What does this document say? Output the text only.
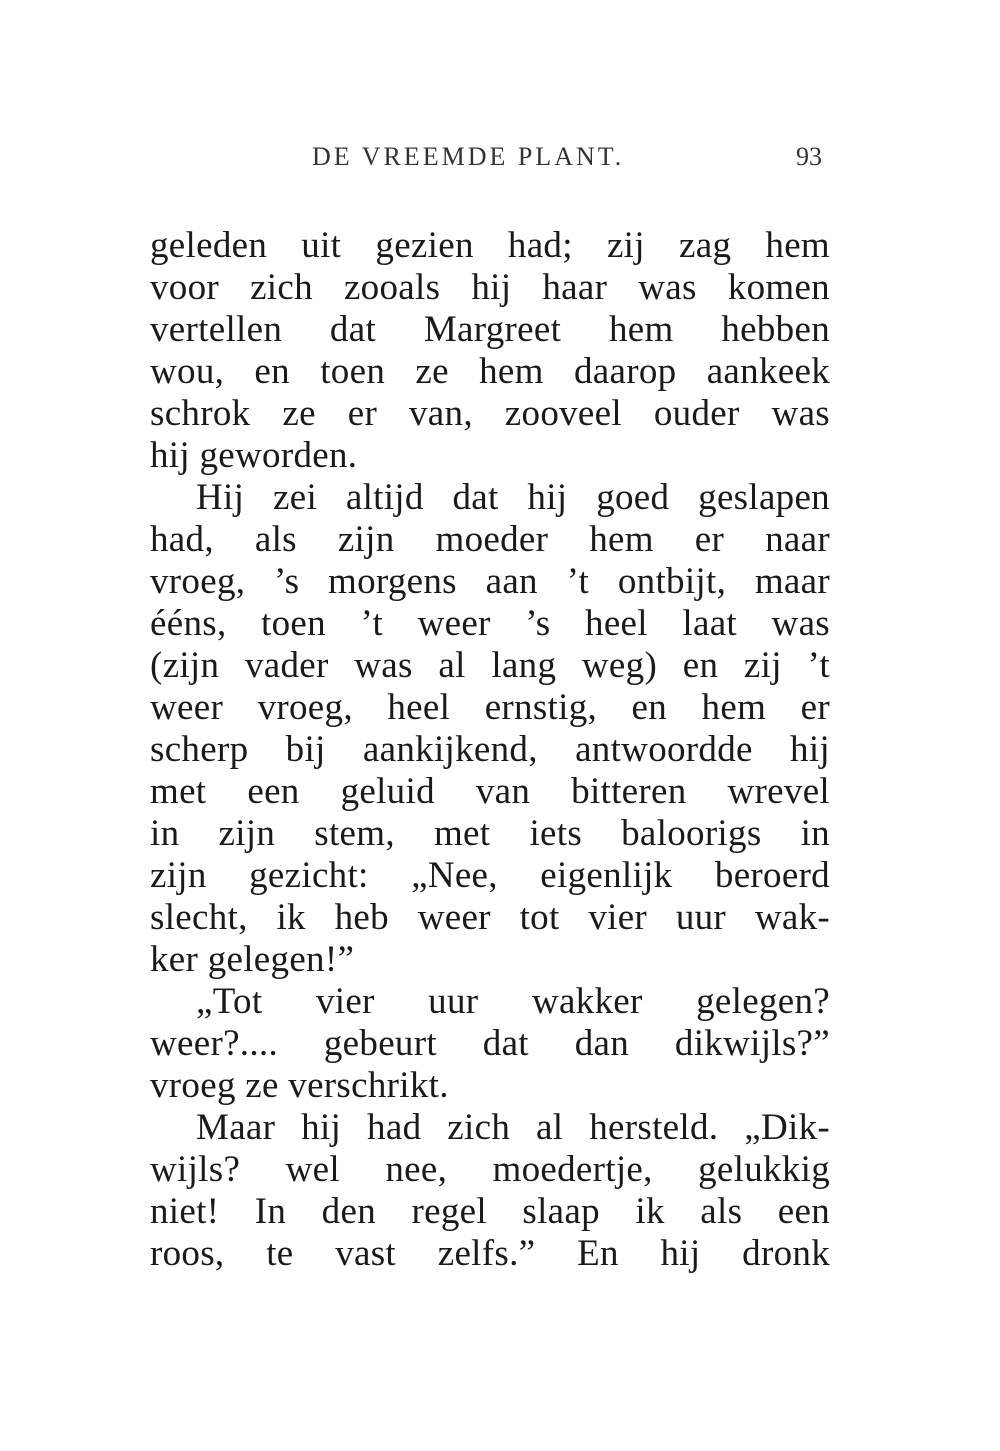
DE VREEMDE PLANT.	93
geleden uit gezien had; zij zag hem
voor zich zooals hij haar was komen
vertellen dat Margreet hem hebben
wou, en toen ze hem daarop aankeek
schrok ze er van, zooveel ouder was
hij geworden.
Hij zei altijd dat hij goed geslapen
had, als zijn moeder hem er naar
vroeg, ’s morgens aan ’t ontbijt, maar
ééns, toen ’t weer ’s heel laat was
(zijn vader was al lang weg) en zij ’t
weer vroeg, heel ernstig, en hem er
scherp bij aankijkend, antwoordde hij
met een geluid van bitteren wrevel
in zijn stem, met iets baloorigs in
zijn gezicht: „Nee, eigenlijk beroerd
slecht, ik heb weer tot vier uur wak-
ker gelegen!”
„Tot vier uur wakker gelegen?
weer?.... gebeurt dat dan dikwijls?”
vroeg ze verschrikt.
Maar hij had zich al hersteld. „Dik-
wijls? wel nee, moedertje, gelukkig
niet! In den regel slaap ik als een
roos, te vast zelfs.” En hij dronk
